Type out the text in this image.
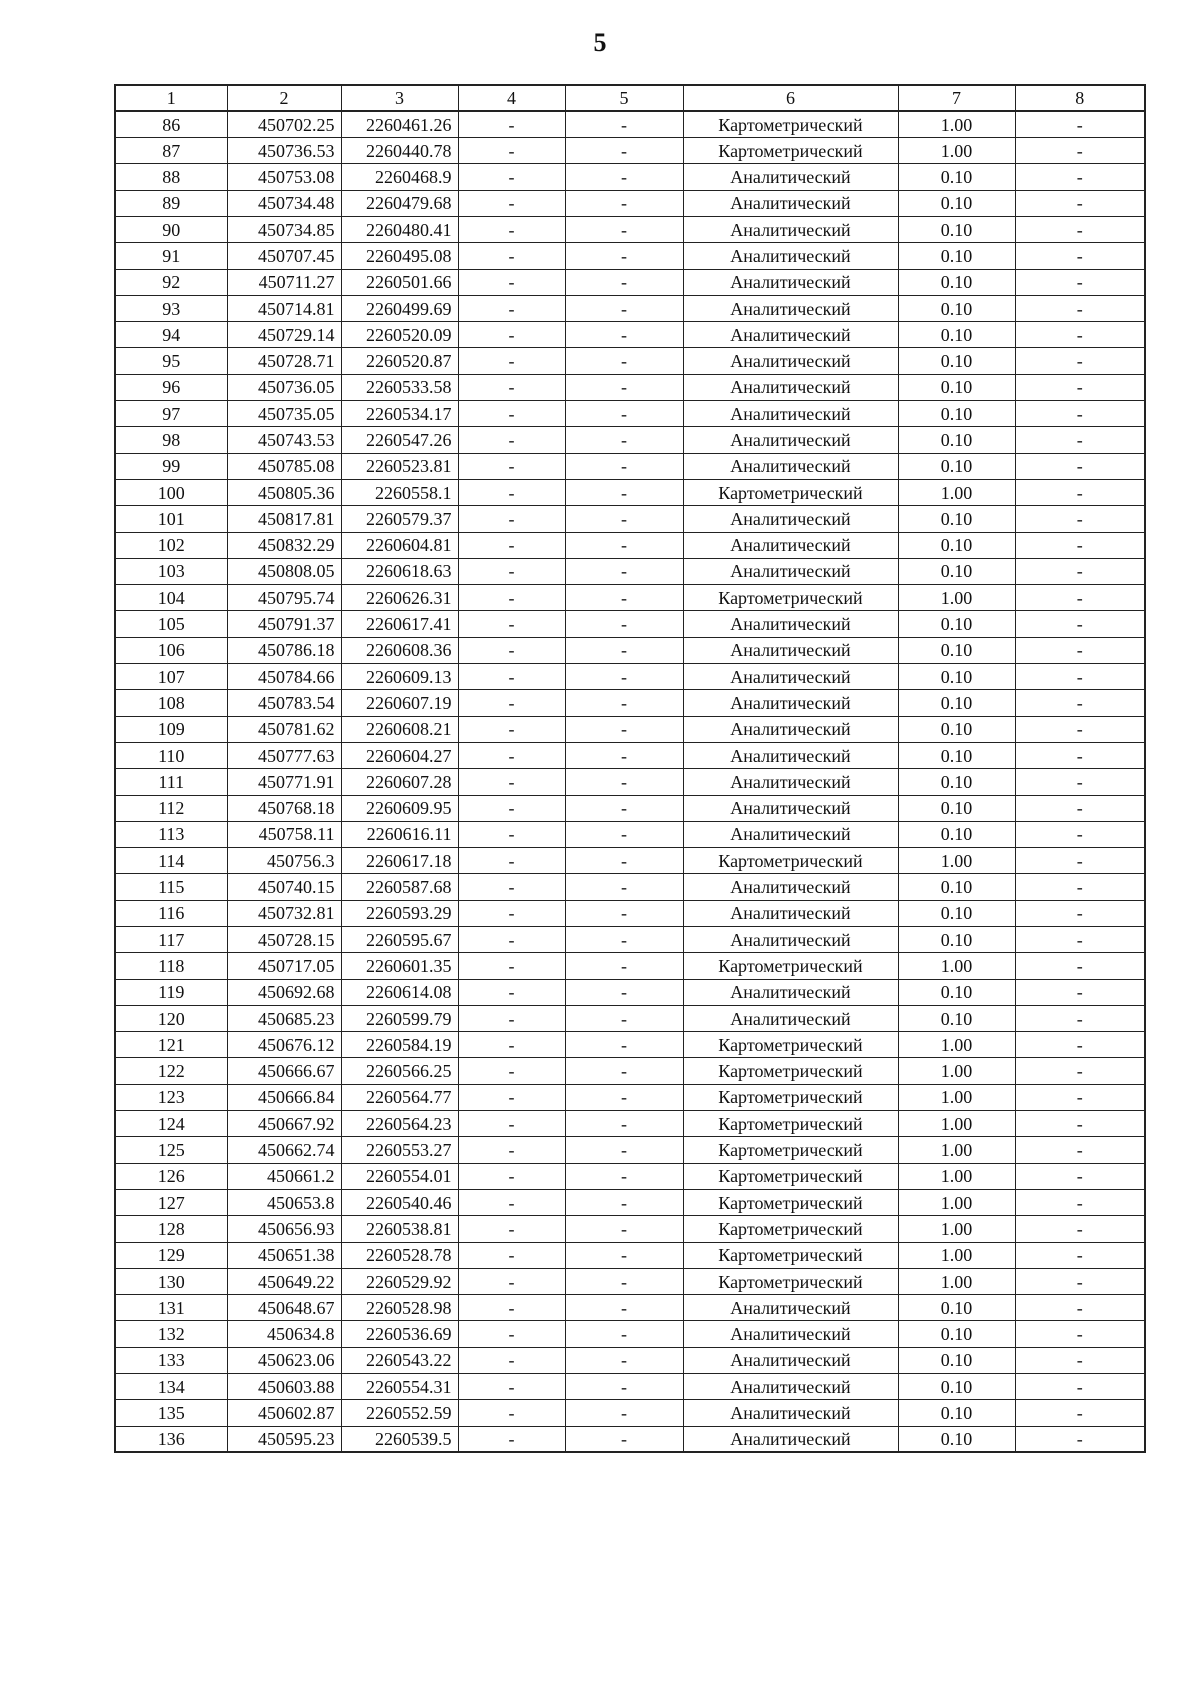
5
1	2	3	4	5	6	7	8
86	450702.25	2260461.26	-	-	Картометрический	1.00	-
87	450736.53	2260440.78	-	-	Картометрический	1.00	-
88	450753.08	2260468.9	-	-	Аналитический	0.10	-
89	450734.48	2260479.68	-	-	Аналитический	0.10	-
90	450734.85	2260480.41	-	-	Аналитический	0.10	-
91	450707.45	2260495.08	-	-	Аналитический	0.10	-
92	450711.27	2260501.66	-	-	Аналитический	0.10	-
93	450714.81	2260499.69	-	-	Аналитический	0.10	-
94	450729.14	2260520.09	-	-	Аналитический	0.10	-
95	450728.71	2260520.87	-	-	Аналитический	0.10	-
96	450736.05	2260533.58	-	-	Аналитический	0.10	-
97	450735.05	2260534.17	-	-	Аналитический	0.10	-
98	450743.53	2260547.26	-	-	Аналитический	0.10	-
99	450785.08	2260523.81	-	-	Аналитический	0.10	-
100	450805.36	2260558.1	-	-	Картометрический	1.00	-
101	450817.81	2260579.37	-	-	Аналитический	0.10	-
102	450832.29	2260604.81	-	-	Аналитический	0.10	-
103	450808.05	2260618.63	-	-	Аналитический	0.10	-
104	450795.74	2260626.31	-	-	Картометрический	1.00	-
105	450791.37	2260617.41	-	-	Аналитический	0.10	-
106	450786.18	2260608.36	-	-	Аналитический	0.10	-
107	450784.66	2260609.13	-	-	Аналитический	0.10	-
108	450783.54	2260607.19	-	-	Аналитический	0.10	-
109	450781.62	2260608.21	-	-	Аналитический	0.10	-
110	450777.63	2260604.27	-	-	Аналитический	0.10	-
111	450771.91	2260607.28	-	-	Аналитический	0.10	-
112	450768.18	2260609.95	-	-	Аналитический	0.10	-
113	450758.11	2260616.11	-	-	Аналитический	0.10	-
114	450756.3	2260617.18	-	-	Картометрический	1.00	-
115	450740.15	2260587.68	-	-	Аналитический	0.10	-
116	450732.81	2260593.29	-	-	Аналитический	0.10	-
117	450728.15	2260595.67	-	-	Аналитический	0.10	-
118	450717.05	2260601.35	-	-	Картометрический	1.00	-
119	450692.68	2260614.08	-	-	Аналитический	0.10	-
120	450685.23	2260599.79	-	-	Аналитический	0.10	-
121	450676.12	2260584.19	-	-	Картометрический	1.00	-
122	450666.67	2260566.25	-	-	Картометрический	1.00	-
123	450666.84	2260564.77	-	-	Картометрический	1.00	-
124	450667.92	2260564.23	-	-	Картометрический	1.00	-
125	450662.74	2260553.27	-	-	Картометрический	1.00	-
126	450661.2	2260554.01	-	-	Картометрический	1.00	-
127	450653.8	2260540.46	-	-	Картометрический	1.00	-
128	450656.93	2260538.81	-	-	Картометрический	1.00	-
129	450651.38	2260528.78	-	-	Картометрический	1.00	-
130	450649.22	2260529.92	-	-	Картометрический	1.00	-
131	450648.67	2260528.98	-	-	Аналитический	0.10	-
132	450634.8	2260536.69	-	-	Аналитический	0.10	-
133	450623.06	2260543.22	-	-	Аналитический	0.10	-
134	450603.88	2260554.31	-	-	Аналитический	0.10	-
135	450602.87	2260552.59	-	-	Аналитический	0.10	-
136	450595.23	2260539.5	-	-	Аналитический	0.10	-
